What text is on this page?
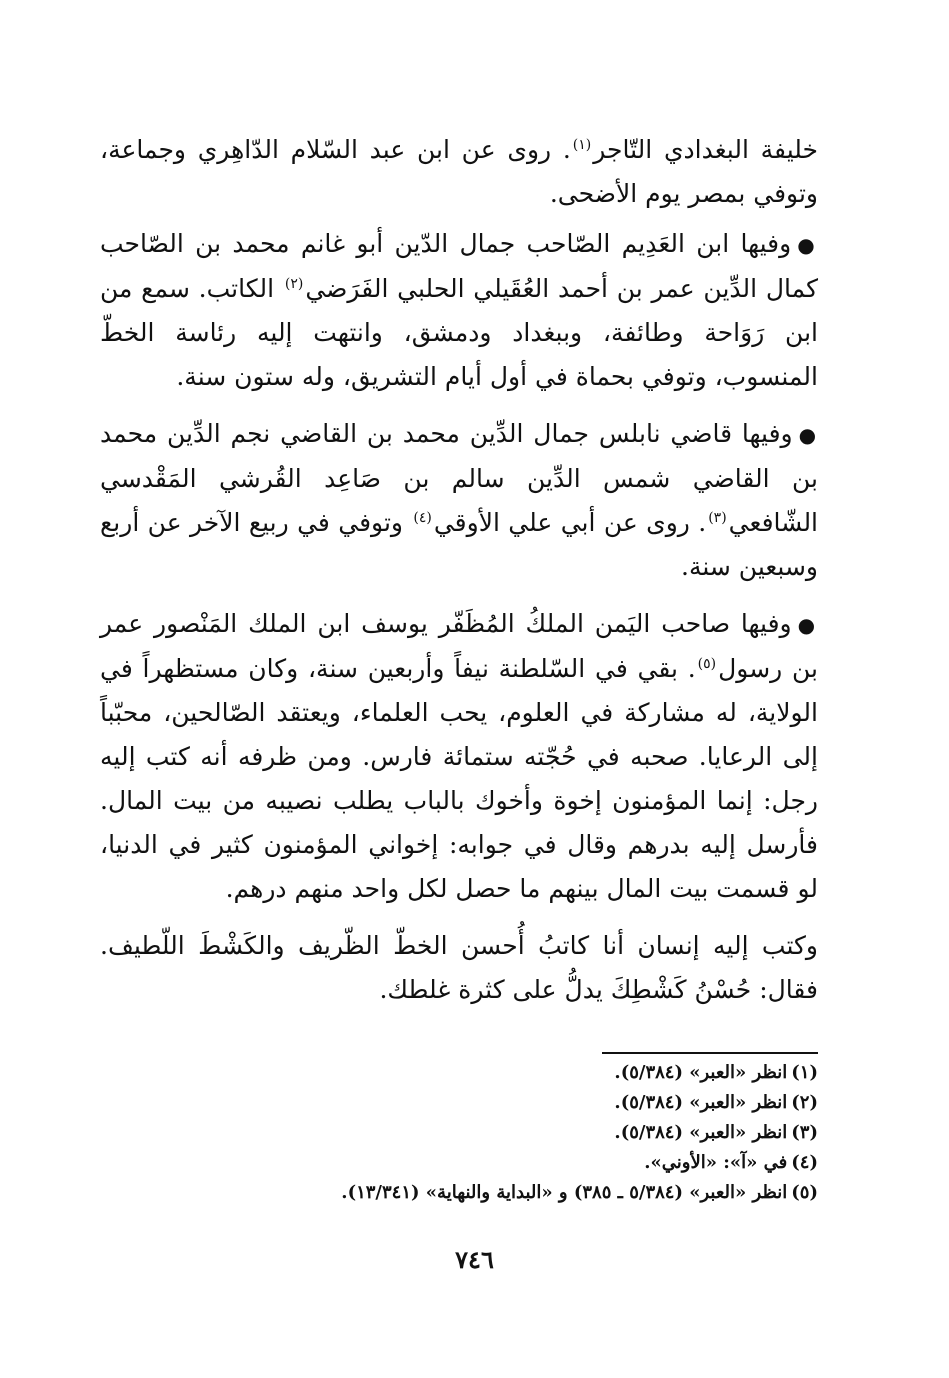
خليفة البغدادي التّاجر$^{(١)}$. روى عن ابن عبد السّلام الدّاهِري وجماعة، وتوفي بمصر يوم الأضحى.

●وفيها ابن العَدِيم الصّاحب جمال الدّين أبو غانم محمد بن الصّاحب كمال الدِّين عمر بن أحمد العُقَيلي الحلبي الفَرَضي$^{(٢)}$ الكاتب. سمع من ابن رَوَاحة وطائفة، وببغداد ودمشق، وانتهت إليه رئاسة الخطّ المنسوب، وتوفي بحماة في أول أيام التشريق، وله ستون سنة.

●وفيها قاضي نابلس جمال الدِّين محمد بن القاضي نجم الدِّين محمد بن القاضي شمس الدِّين سالم بن صَاعِد القُرشي المَقْدسي الشّافعي$^{(٣)}$. روى عن أبي علي الأوقي$^{(٤)}$ وتوفي في ربيع الآخر عن أربع وسبعين سنة.

●وفيها صاحب اليَمن الملكُ المُظَفّر يوسف ابن الملك المَنْصور عمر بن رسول$^{(٥)}$. بقي في السّلطنة نيفاً وأربعين سنة، وكان مستظهراً في الولاية، له مشاركة في العلوم، يحب العلماء، ويعتقد الصّالحين، محبّباً إلى الرعايا. صحبه في حُجّته ستمائة فارس. ومن ظرفه أنه كتب إليه رجل: إنما المؤمنون إخوة وأخوك بالباب يطلب نصيبه من بيت المال. فأرسل إليه بدرهم وقال في جوابه: إخواني المؤمنون كثير في الدنيا، لو قسمت بيت المال بينهم ما حصل لكل واحد منهم درهم.

وكتب إليه إنسان أنا كاتبُ أُحسن الخطّ الظّريف والكَشْطَ اللّطيف. فقال: حُسْنُ كَشْطِكَ يدلُّ على كثرة غلطك.

(١)انظر «العبر» (٥/٣٨٤).

(٢)انظر «العبر» (٥/٣٨٤).

(٣)انظر «العبر» (٥/٣٨٤).

(٤)في «آ»: «الأوني».

(٥)انظر «العبر» (٥/٣٨٤ ـ ٣٨٥) و «البداية والنهاية» (١٣/٣٤١).

٧٤٦
